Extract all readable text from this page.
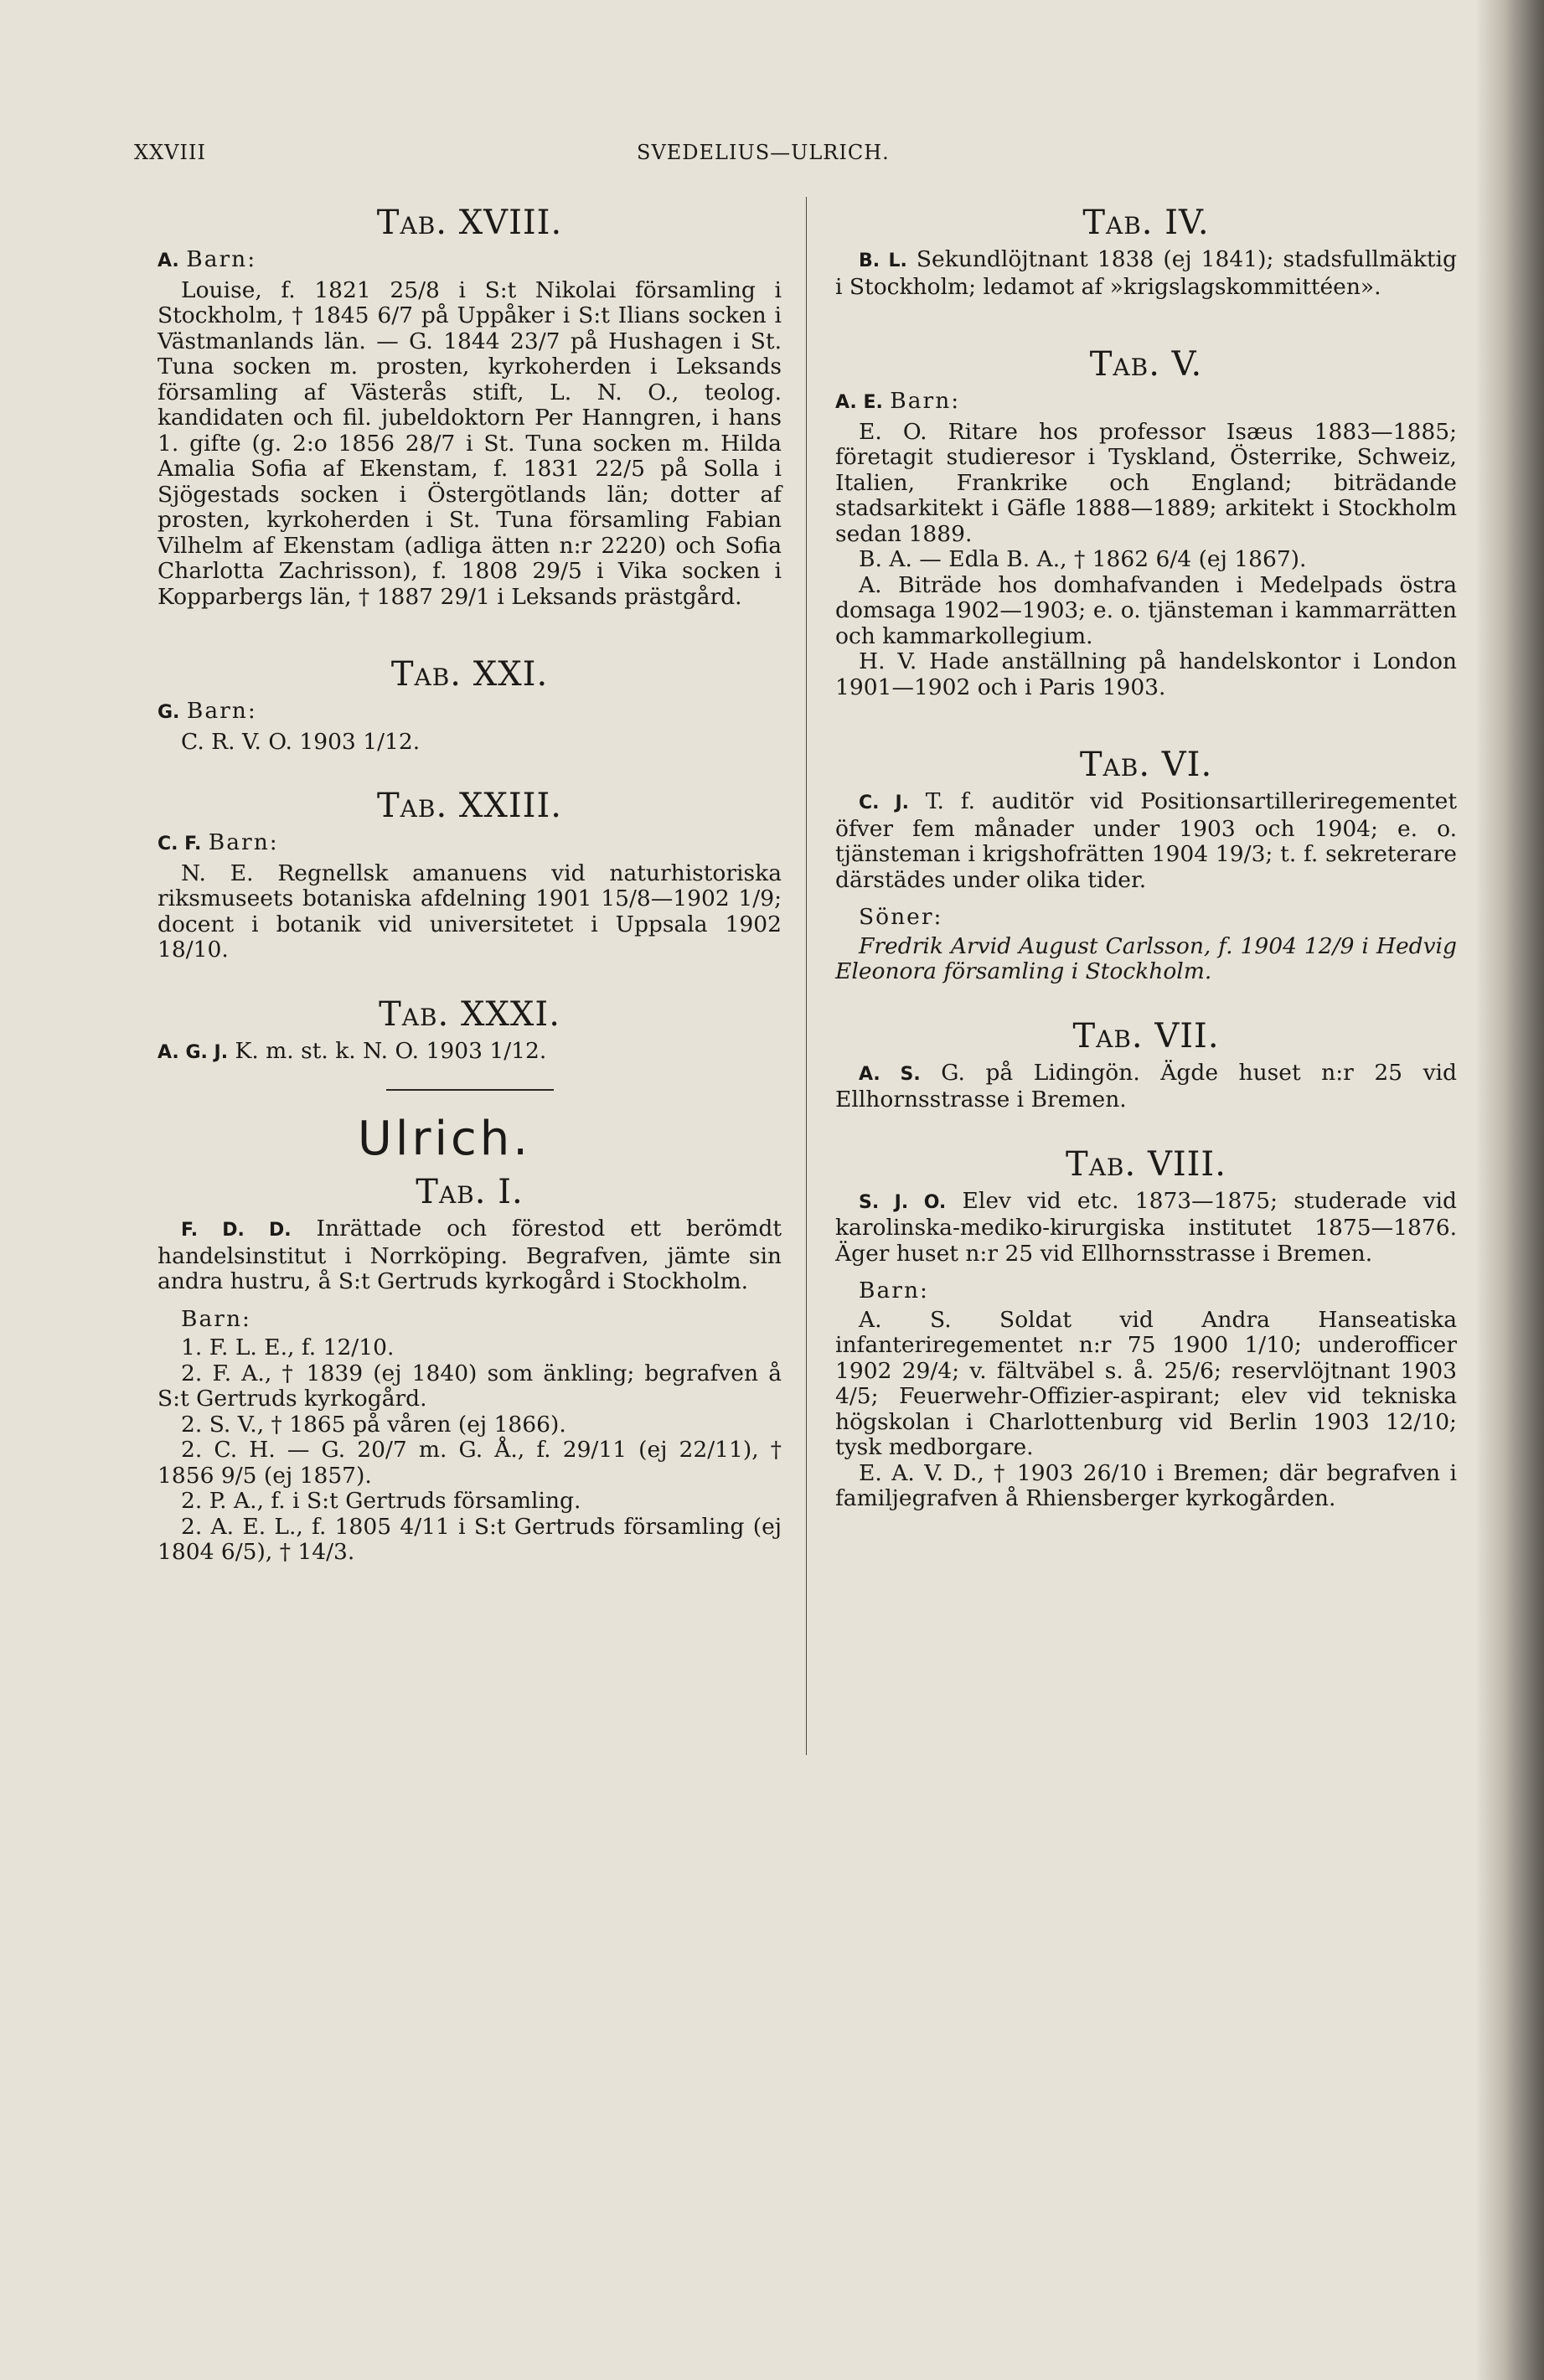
XXVIII	SVEDELIUS—ULRICH.
Tab. XVIII.
A. Barn:

Louise, f. 1821 25/8 i S:t Nikolai församling i Stockholm, † 1845 6/7 på Uppåker i S:t Ilians socken i Västmanlands län. — G. 1844 23/7 på Hushagen i St. Tuna socken m. prosten, kyrkoherden i Leksands församling af Västerås stift, L. N. O., teolog. kandidaten och fil. jubeldoktorn Per Hanngren, i hans 1. gifte (g. 2:o 1856 28/7 i St. Tuna socken m. Hilda Amalia Sofia af Ekenstam, f. 1831 22/5 på Solla i Sjögestads socken i Östergötlands län; dotter af prosten, kyrkoherden i St. Tuna församling Fabian Vilhelm af Ekenstam (adliga ätten n:r 2220) och Sofia Charlotta Zachrisson), f. 1808 29/5 i Vika socken i Kopparbergs län, † 1887 29/1 i Leksands prästgård.

Tab. XXI.
G. Barn:

C. R. V. O. 1903 1/12.

Tab. XXIII.
C. F. Barn:

N. E. Regnellsk amanuens vid naturhistoriska riksmuseets botaniska afdelning 1901 15/8—1902 1/9; docent i botanik vid universitetet i Uppsala 1902 18/10.

Tab. XXXI.
A. G. J. K. m. st. k. N. O. 1903 1/12.
Ulrich.
Tab. I.

F. D. D. Inrättade och förestod ett berömdt handelsinstitut i Norrköping. Begrafven, jämte sin andra hustru, å S:t Gertruds kyrkogård i Stockholm.

Barn:

1. F. L. E., f. 12/10.

2. F. A., † 1839 (ej 1840) som änkling; begrafven å S:t Gertruds kyrkogård.

2. S. V., † 1865 på våren (ej 1866).

2. C. H. — G. 20/7 m. G. Å., f. 29/11 (ej 22/11), † 1856 9/5 (ej 1857).

2. P. A., f. i S:t Gertruds församling.

2. A. E. L., f. 1805 4/11 i S:t Gertruds församling (ej 1804 6/5), † 14/3.

Tab. IV.

B. L. Sekundlöjtnant 1838 (ej 1841); stadsfullmäktig i Stockholm; ledamot af »krigslagskommittéen».

Tab. V.
A. E. Barn:

E. O. Ritare hos professor Isæus 1883—1885; företagit studieresor i Tyskland, Österrike, Schweiz, Italien, Frankrike och England; biträdande stadsarkitekt i Gäfle 1888—1889; arkitekt i Stockholm sedan 1889.

B. A. — Edla B. A., † 1862 6/4 (ej 1867).

A. Biträde hos domhafvanden i Medelpads östra domsaga 1902—1903; e. o. tjänsteman i kammarrätten och kammarkollegium.

H. V. Hade anställning på handelskontor i London 1901—1902 och i Paris 1903.

Tab. VI.

C. J. T. f. auditör vid Positionsartilleriregementet öfver fem månader under 1903 och 1904; e. o. tjänsteman i krigshofrätten 1904 19/3; t. f. sekreterare därstädes under olika tider.

Söner:

Fredrik Arvid August Carlsson, f. 1904 12/9 i Hedvig Eleonora församling i Stockholm.

Tab. VII.

A. S. G. på Lidingön. Ägde huset n:r 25 vid Ellhornsstrasse i Bremen.

Tab. VIII.

S. J. O. Elev vid etc. 1873—1875; studerade vid karolinska-mediko-kirurgiska institutet 1875—1876. Äger huset n:r 25 vid Ellhornsstrasse i Bremen.

Barn:

A. S. Soldat vid Andra Hanseatiska infanteriregementet n:r 75 1900 1/10; underofficer 1902 29/4; v. fältväbel s. å. 25/6; reservlöjtnant 1903 4/5; Feuerwehr-Offizier-aspirant; elev vid tekniska högskolan i Charlottenburg vid Berlin 1903 12/10; tysk medborgare.

E. A. V. D., † 1903 26/10 i Bremen; där begrafven i familjegrafven å Rhiensberger kyrkogården.
